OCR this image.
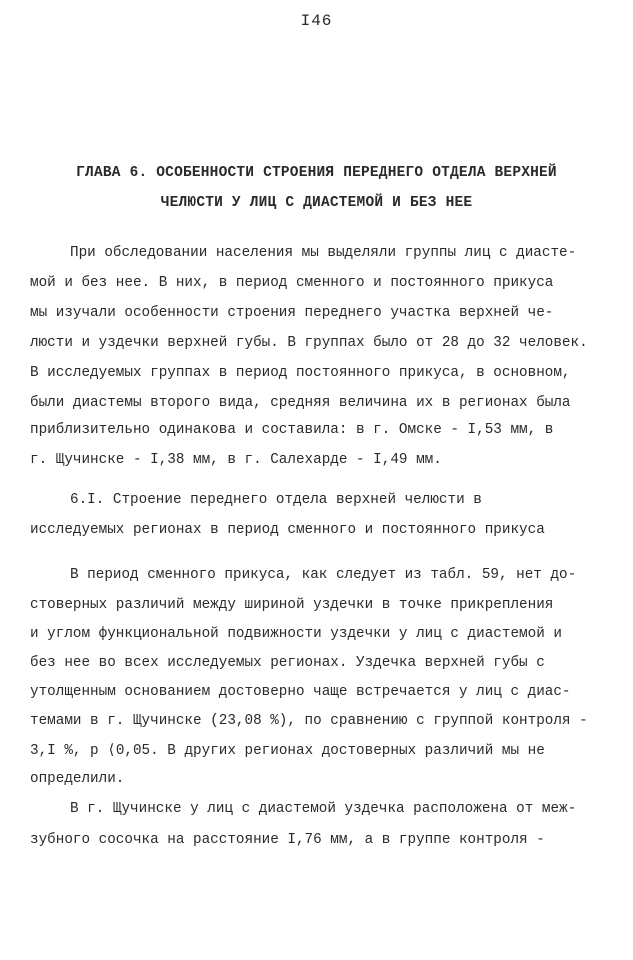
I46
ГЛАВА 6. ОСОБЕННОСТИ СТРОЕНИЯ ПЕРЕДНЕГО ОТДЕЛА ВЕРХНЕЙ
ЧЕЛЮСТИ У ЛИЦ С ДИАСТЕМОЙ И БЕЗ НЕЕ
При обследовании населения мы выделяли группы лиц с диасте-
мой и без нее. В них, в период сменного и постоянного прикуса
мы изучали особенности строения переднего участка верхней че-
люсти и уздечки верхней губы. В группах было от 28 до 32 человек.
В исследуемых группах в период постоянного прикуса, в основном,
были диастемы второго вида, средняя величина их в регионах была
приблизительно одинакова и составила: в г. Омске - I,53 мм, в
г. Щучинске - I,38 мм, в г. Салехарде - I,49 мм.
6.I. Строение переднего отдела верхней челюсти в
исследуемых регионах в период сменного и постоянного прикуса
В период сменного прикуса, как следует из табл. 59, нет до-
стоверных различий между шириной уздечки в точке прикрепления
и углом функциональной подвижности уздечки у лиц с диастемой и
без нее во всех исследуемых регионах. Уздечка верхней губы с
утолщенным основанием достоверно чаще встречается у лиц с диас-
темами в г. Щучинске (23,08 %), по сравнению с группой контроля -
3,I %, p ⟨0,05. В других регионах достоверных различий мы не
определили.
В г. Щучинске у лиц с диастемой уздечка расположена от меж-
зубного сосочка на расстояние I,76 мм, а в группе контроля -
